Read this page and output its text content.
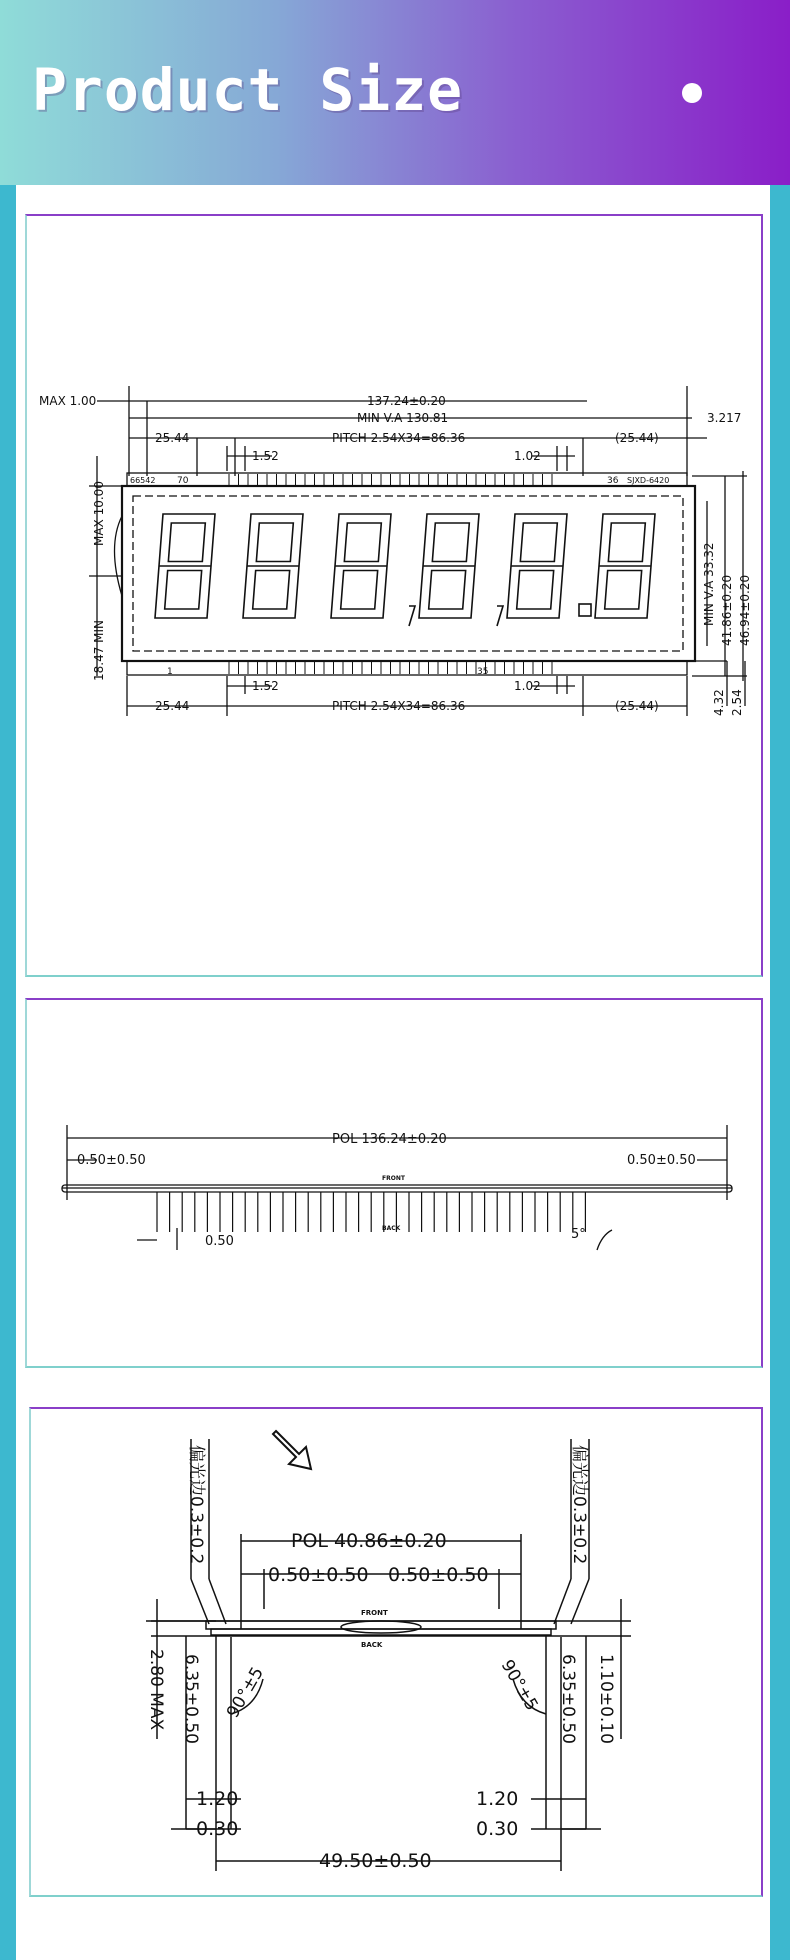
Product Size
MAX 1.00	137.24±0.20
MIN V.A 130.81	3.217
25.44	PITCH 2.54X34=86.36	(25.44)
1.52	1.02
66542 70	36 SJXD-6420
35
1
MAX 10.00
18.47 MIN
MIN V.A 33.32 41.86±0.20 46.94±0.20
4.32 2.54
1.52	1.02
25.44	PITCH 2.54X34=86.36	(25.44)
POL 136.24±0.20
0.50±0.50	0.50±0.50
FRONT
BACK
0.50	5°
偏光边0.3±0.2	偏光边0.3±0.2
POL 40.86±0.20
0.50±0.50 0.50±0.50
FRONT
BACK
2.80 MAX 6.35±0.50	6.35±0.50 1.10±0.10
90°±5	90°±5
1.20	1.20
0.30	0.30
49.50±0.50
